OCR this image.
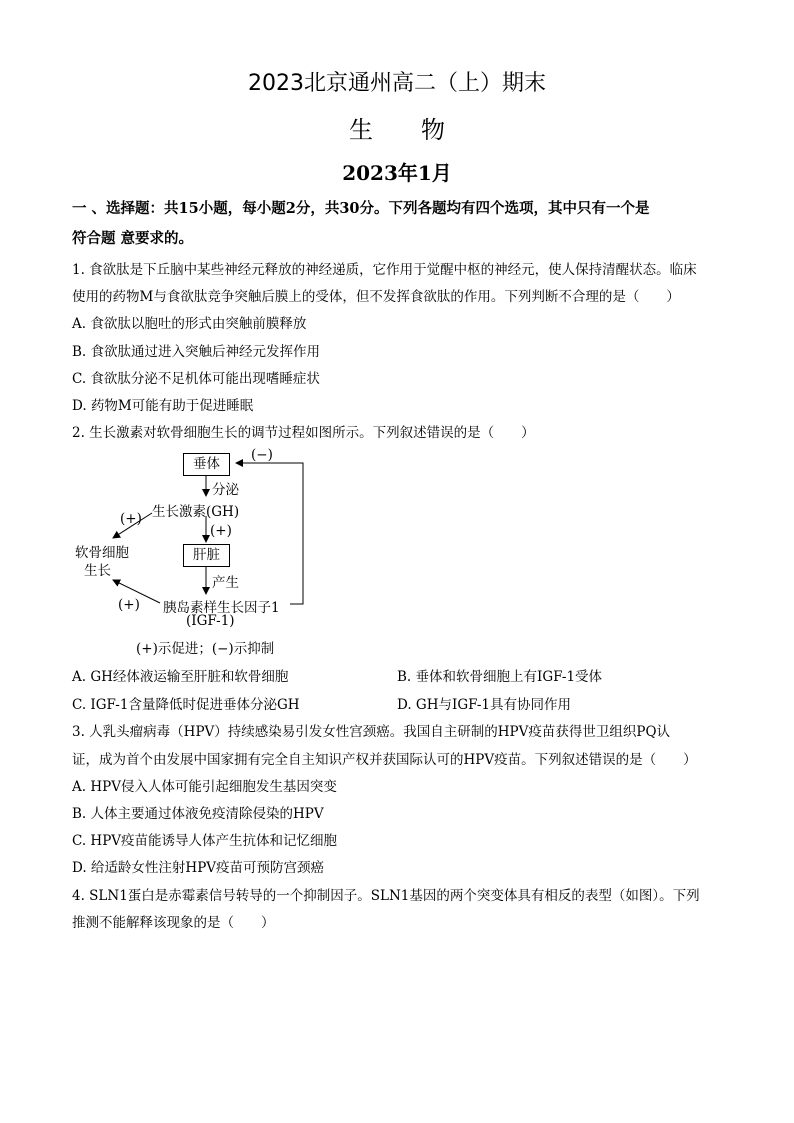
2023北京通州高二（上）期末
生 物
2023年1月
一 、选择题：共15小题，每小题2分，共30分。下列各题均有四个选项，其中只有一个是
符合题 意要求的。
1. 食欲肽是下丘脑中某些神经元释放的神经递质，它作用于觉醒中枢的神经元，使人保持清醒状态。临床
使用的药物M与食欲肽竞争突触后膜上的受体，但不发挥食欲肽的作用。下列判断不合理的是（　　）
A. 食欲肽以胞吐的形式由突触前膜释放
B. 食欲肽通过进入突触后神经元发挥作用
C. 食欲肽分泌不足机体可能出现嗜睡症状
D. 药物M可能有助于促进睡眠
2. 生长激素对软骨细胞生长的调节过程如图所示。下列叙述错误的是（　　）
垂体
分泌
生长激素(GH)
(+)
肝脏
产生
胰岛素样生长因子1
(IGF-1)
(−)
(+)
(+)
软骨细胞
生长
(+)示促进；(−)示抑制
A. GH经体液运输至肝脏和软骨细胞	B. 垂体和软骨细胞上有IGF-1受体
C. IGF-1含量降低时促进垂体分泌GH	D. GH与IGF-1具有协同作用
3. 人乳头瘤病毒（HPV）持续感染易引发女性宫颈癌。我国自主研制的HPV疫苗获得世卫组织PQ认
证，成为首个由发展中国家拥有完全自主知识产权并获国际认可的HPV疫苗。下列叙述错误的是（　　）
A. HPV侵入人体可能引起细胞发生基因突变
B. 人体主要通过体液免疫清除侵染的HPV
C. HPV疫苗能诱导人体产生抗体和记忆细胞
D. 给适龄女性注射HPV疫苗可预防宫颈癌
4. SLN1蛋白是赤霉素信号转导的一个抑制因子。SLN1基因的两个突变体具有相反的表型（如图）。下列
推测不能解释该现象的是（　　）
